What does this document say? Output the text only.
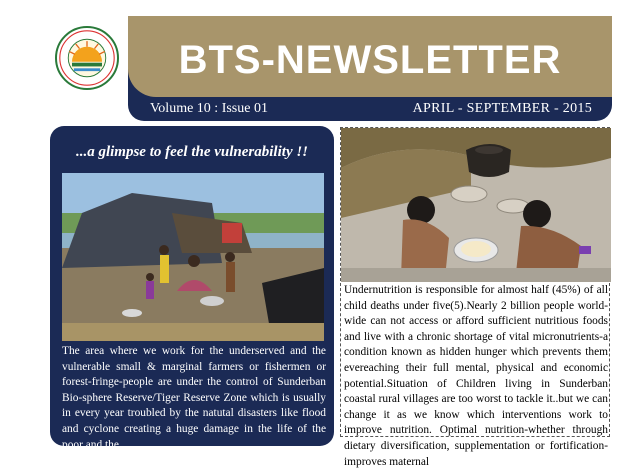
BTS-NEWSLETTER
Volume 10 : Issue 01	APRIL - SEPTEMBER - 2015
...a glimpse to feel the vulnerability !!
The area where we work for the underserved and the vulnerable small & marginal farmers or fishermen or forest-fringe-people are under the control of Sunderban Bio-sphere Reserve/Tiger Reserve Zone which is usually in every year troubled by the natutal disasters like flood and cyclone creating a huge damage in the life of the poor and the
Undernutrition is responsible for almost half (45%) of all child deaths under five(5).Nearly 2 billion people world-wide can not access or afford sufficient nutritious foods and live with a chronic shortage of vital micronutrients-a condition known as hidden hunger which prevents them evereaching their full mental, physical and economic potential.Situation of Children living in Sunderban coastal rural villages are too worst to tackle it..but we can change it as we know which interventions work to improve nutrition. Optimal nutrition-whether through dietary diversification, supplementation or fortification-improves maternal
